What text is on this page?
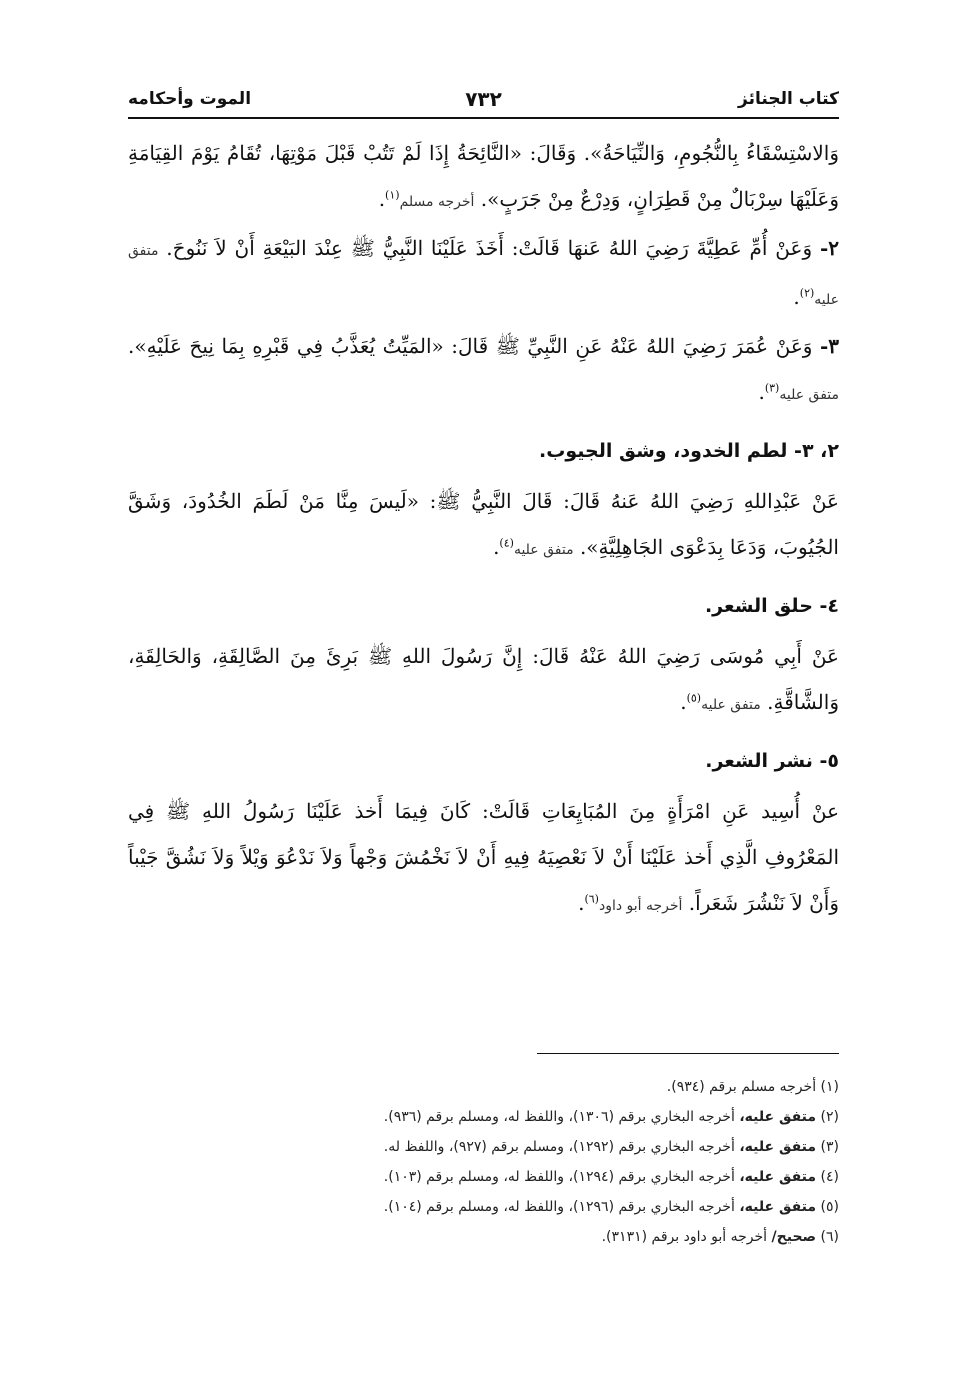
كتاب الجنائز
٧٣٢
الموت وأحكامه

وَالاسْتِسْقَاءُ بِالنُّجُومِ، وَالنِّيَاحَةُ». وَقَالَ: «النَّائِحَةُ إِذَا لَمْ تَتُبْ قَبْلَ مَوْتِهَا، تُقَامُ يَوْمَ القِيَامَةِ وَعَلَيْهَا سِرْبَالٌ مِنْ قَطِرَانٍ، وَدِرْعٌ مِنْ جَرَبٍ». أخرجه مسلم$^{(١)}$.

٢- وَعَنْ أُمِّ عَطِيَّةَ رَضِيَ اللهُ عَنهَا قَالَتْ: أَخَذَ عَلَيْنَا النَّبِيُّ ﷺ عِنْدَ البَيْعَةِ أَنْ لاَ نَنُوحَ. متفق عليه$^{(٢)}$.

٣- وَعَنْ عُمَرَ رَضِيَ اللهُ عَنْهُ عَنِ النَّبِيِّ ﷺ قَالَ: «المَيِّتُ يُعَذَّبُ فِي قَبْرِهِ بِمَا نِيحَ عَلَيْهِ». متفق عليه$^{(٣)}$.

٢، ٣- لطم الخدود، وشق الجيوب.

عَنْ عَبْدِاللهِ رَضِيَ اللهُ عَنهُ قَالَ: قَالَ النَّبِيُّ ﷺ: «لَيسَ مِنَّا مَنْ لَطَمَ الخُدُودَ، وَشَقَّ الجُيُوبَ، وَدَعَا بِدَعْوَى الجَاهِلِيَّةِ». متفق عليه$^{(٤)}$.

٤- حلق الشعر.

عَنْ أَبِي مُوسَى رَضِيَ اللهُ عَنْهُ قَالَ: إِنَّ رَسُولَ اللهِ ﷺ بَرِئَ مِنَ الصَّالِقَةِ، وَالحَالِقَةِ، وَالشَّاقَّةِ. متفق عليه$^{(٥)}$.

٥- نشر الشعر.

عنْ أُسِيد عَنِ امْرَأَةٍ مِنَ المُبَايِعَاتِ قَالَتْ: كَانَ فِيمَا أَخذ عَلَيْنَا رَسُولُ اللهِ ﷺ فِي المَعْرُوفِ الَّذِي أَخذ عَلَيْنَا أَنْ لاَ نَعْصِيَهُ فِيهِ أَنْ لاَ نَخْمُشَ وَجْهاً وَلاَ نَدْعُوَ وَيْلاً وَلاَ نَشُقَّ جَيْباً وَأَنْ لاَ نَنْشُرَ شَعَراً. أخرجه أبو داود$^{(٦)}$.

(١) أخرجه مسلم برقم (٩٣٤).
(٢) متفق عليه، أخرجه البخاري برقم (١٣٠٦)، واللفظ له، ومسلم برقم (٩٣٦).
(٣) متفق عليه، أخرجه البخاري برقم (١٢٩٢)، ومسلم برقم (٩٢٧)، واللفظ له.
(٤) متفق عليه، أخرجه البخاري برقم (١٢٩٤)، واللفظ له، ومسلم برقم (١٠٣).
(٥) متفق عليه، أخرجه البخاري برقم (١٢٩٦)، واللفظ له، ومسلم برقم (١٠٤).
(٦) صحيح/ أخرجه أبو داود برقم (٣١٣١).
